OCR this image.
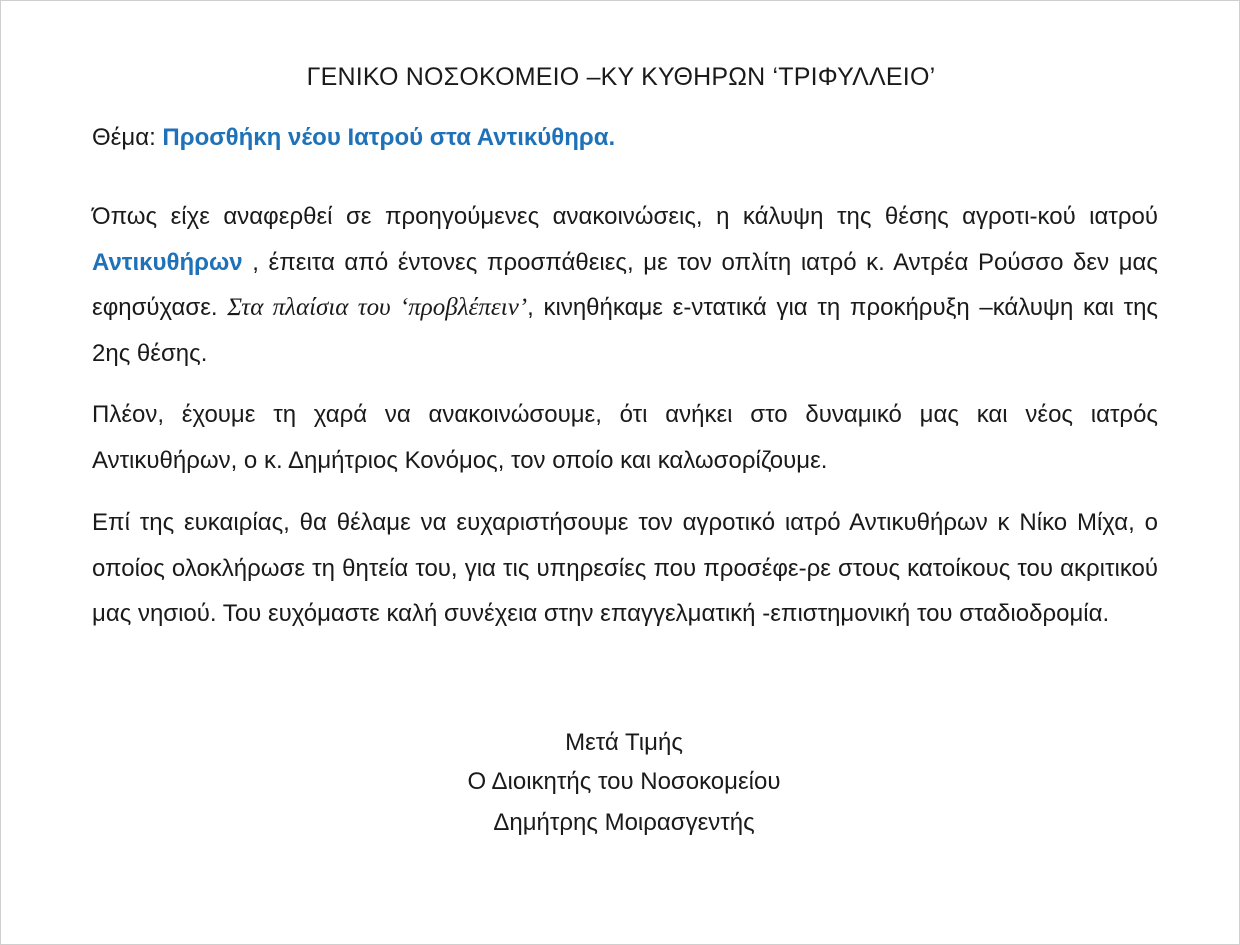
ΓΕΝΙΚΟ ΝΟΣΟΚΟΜΕΙΟ –ΚΥ ΚΥΘΗΡΩΝ ‘ΤΡΙΦΥΛΛΕΙΟ’
Θέμα: Προσθήκη νέου Ιατρού στα Αντικύθηρα.
Όπως είχε αναφερθεί σε προηγούμενες ανακοινώσεις, η κάλυψη της θέσης αγροτι-κού ιατρού Αντικυθήρων , έπειτα από έντονες προσπάθειες, με τον οπλίτη ιατρό κ. Αντρέα Ρούσσο δεν μας εφησύχασε. Στα πλαίσια του ‘προβλέπειν’, κινηθήκαμε ε-ντατικά για τη προκήρυξη –κάλυψη και της 2ης θέσης.
Πλέον, έχουμε τη χαρά να ανακοινώσουμε, ότι ανήκει στο δυναμικό μας και νέος ιατρός Αντικυθήρων, ο κ. Δημήτριος Κονόμος, τον οποίο και καλωσορίζουμε.
Επί της ευκαιρίας, θα θέλαμε να ευχαριστήσουμε τον αγροτικό ιατρό Αντικυθήρων κ Νίκο Μίχα, ο οποίος ολοκλήρωσε τη θητεία του, για τις υπηρεσίες που προσέφε-ρε στους κατοίκους του ακριτικού μας νησιού. Του ευχόμαστε καλή συνέχεια στην επαγγελματική -επιστημονική του σταδιοδρομία.
Μετά Τιμής
Ο Διοικητής του Νοσοκομείου
Δημήτρης Μοιρασγεντής
